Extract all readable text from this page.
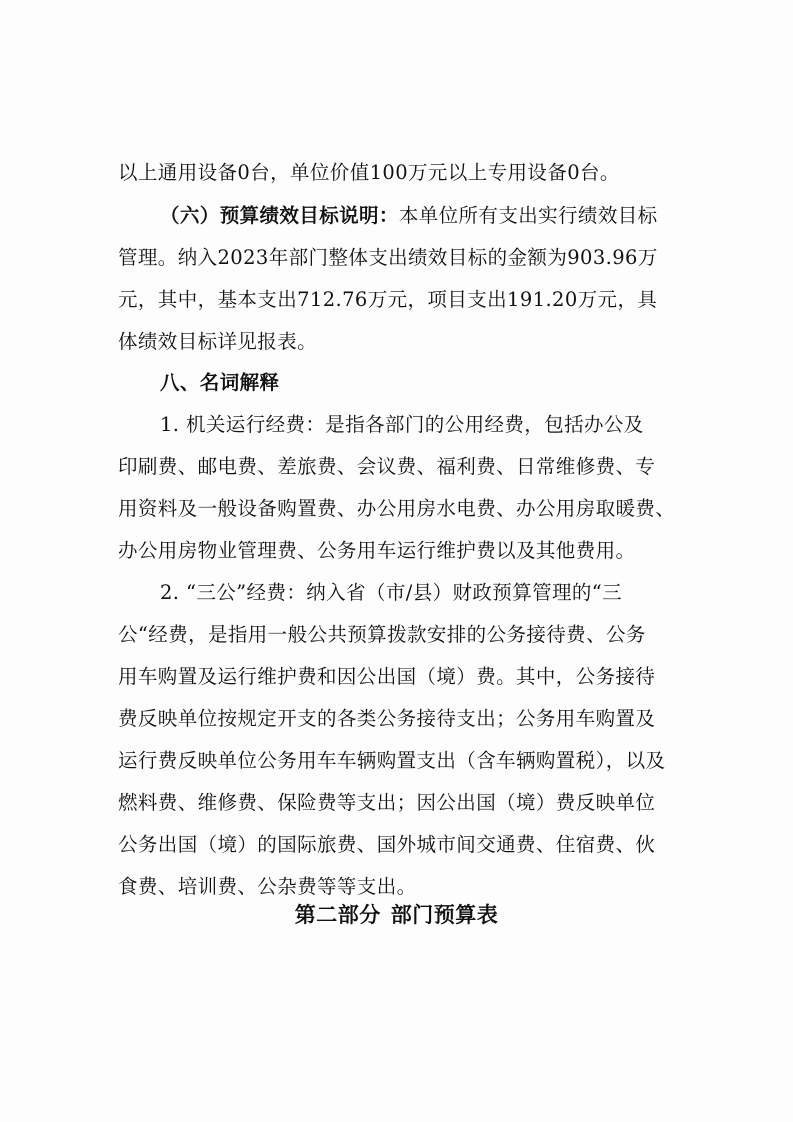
以上通用设备0台，单位价值100万元以上专用设备0台。
（六）预算绩效目标说明：本单位所有支出实行绩效目标
管理。纳入2023年部门整体支出绩效目标的金额为903.96万
元，其中，基本支出712.76万元，项目支出191.20万元，具
体绩效目标详见报表。
八、名词解释
1. 机关运行经费：是指各部门的公用经费，包括办公及
印刷费、邮电费、差旅费、会议费、福利费、日常维修费、专
用资料及一般设备购置费、办公用房水电费、办公用房取暖费、
办公用房物业管理费、公务用车运行维护费以及其他费用。
2. “三公”经费：纳入省（市/县）财政预算管理的“三
公“经费，是指用一般公共预算拨款安排的公务接待费、公务
用车购置及运行维护费和因公出国（境）费。其中，公务接待
费反映单位按规定开支的各类公务接待支出；公务用车购置及
运行费反映单位公务用车车辆购置支出（含车辆购置税），以及
燃料费、维修费、保险费等支出；因公出国（境）费反映单位
公务出国（境）的国际旅费、国外城市间交通费、住宿费、伙
食费、培训费、公杂费等等支出。
第二部分 部门预算表
